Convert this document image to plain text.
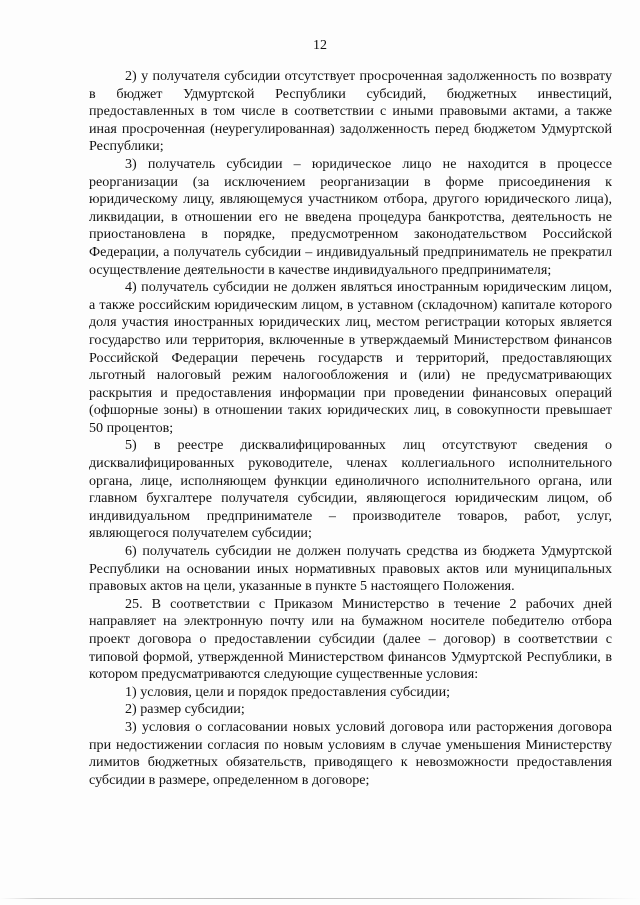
12

2) у получателя субсидии отсутствует просроченная задолженность по возврату в бюджет Удмуртской Республики субсидий, бюджетных инвестиций, предоставленных в том числе в соответствии с иными правовыми актами, а также иная просроченная (неурегулированная) задолженность перед бюджетом Удмуртской Республики;

3) получатель субсидии – юридическое лицо не находится в процессе реорганизации (за исключением реорганизации в форме присоединения к юридическому лицу, являющемуся участником отбора, другого юридического лица), ликвидации, в отношении его не введена процедура банкротства, деятельность не приостановлена в порядке, предусмотренном законодательством Российской Федерации, а получатель субсидии – индивидуальный предприниматель не прекратил осуществление деятельности в качестве индивидуального предпринимателя;

4) получатель субсидии не должен являться иностранным юридическим лицом, а также российским юридическим лицом, в уставном (складочном) капитале которого доля участия иностранных юридических лиц, местом регистрации которых является государство или территория, включенные в утверждаемый Министерством финансов Российской Федерации перечень государств и территорий, предоставляющих льготный налоговый режим налогообложения и (или) не предусматривающих раскрытия и предоставления информации при проведении финансовых операций (офшорные зоны) в отношении таких юридических лиц, в совокупности превышает 50 процентов;

5) в реестре дисквалифицированных лиц отсутствуют сведения о дисквалифицированных руководителе, членах коллегиального исполнительного органа, лице, исполняющем функции единоличного исполнительного органа, или главном бухгалтере получателя субсидии, являющегося юридическим лицом, об индивидуальном предпринимателе – производителе товаров, работ, услуг, являющегося получателем субсидии;

6) получатель субсидии не должен получать средства из бюджета Удмуртской Республики на основании иных нормативных правовых актов или муниципальных правовых актов на цели, указанные в пункте 5 настоящего Положения.

25. В соответствии с Приказом Министерство в течение 2 рабочих дней направляет на электронную почту или на бумажном носителе победителю отбора проект договора о предоставлении субсидии (далее – договор) в соответствии с типовой формой, утвержденной Министерством финансов Удмуртской Республики, в котором предусматриваются следующие существенные условия:

1) условия, цели и порядок предоставления субсидии;

2) размер субсидии;

3) условия о согласовании новых условий договора или расторжения договора при недостижении согласия по новым условиям в случае уменьшения Министерству лимитов бюджетных обязательств, приводящего к невозможности предоставления субсидии в размере, определенном в договоре;
